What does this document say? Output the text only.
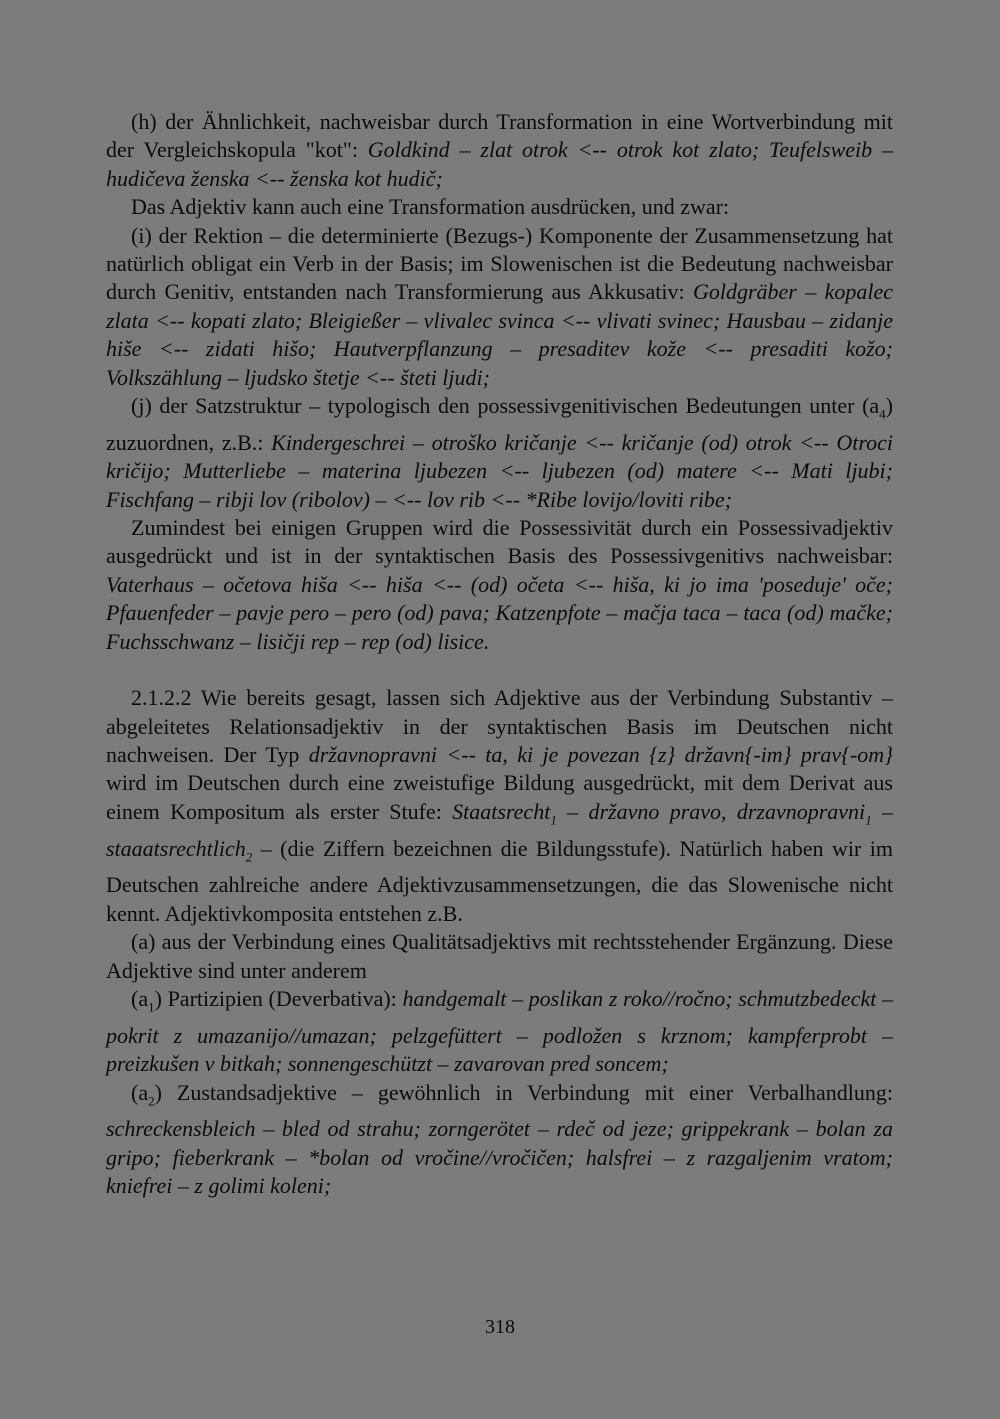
(h) der Ähnlichkeit, nachweisbar durch Transformation in eine Wortverbindung mit der Vergleichskopula "kot": Goldkind – zlat otrok <-- otrok kot zlato; Teufelsweib – hudičeva ženska <-- ženska kot hudič;

Das Adjektiv kann auch eine Transformation ausdrücken, und zwar:

(i) der Rektion – die determinierte (Bezugs-) Komponente der Zusammensetzung hat natürlich obligat ein Verb in der Basis; im Slowenischen ist die Bedeutung nachweisbar durch Genitiv, entstanden nach Transformierung aus Akkusativ: Goldgräber – kopalec zlata <-- kopati zlato; Bleigießer – vlivalec svinca <-- vlivati svinec; Hausbau – zidanje hiše <-- zidati hišo; Hautverpflanzung – presaditev kože <-- presaditi kožo; Volkszählung – ljudsko štetje <-- šteti ljudi;

(j) der Satzstruktur – typologisch den possessivgenitivischen Bedeutungen unter $(a_4)$ zuzuordnen, z.B.: Kindergeschrei – otroško kričanje <-- kričanje (od) otrok <-- Otroci kričijo; Mutterliebe – materina ljubezen <-- ljubezen (od) matere <-- Mati ljubi; Fischfang – ribji lov (ribolov) – <-- lov rib <-- *Ribe lovijo/loviti ribe;

Zumindest bei einigen Gruppen wird die Possessivität durch ein Possessivadjektiv ausgedrückt und ist in der syntaktischen Basis des Possessivgenitivs nachweisbar: Vaterhaus – očetova hiša <-- hiša <-- (od) očeta <-- hiša, ki jo ima 'poseduje' oče; Pfauenfeder – pavje pero – pero (od) pava; Katzenpfote – mačja taca – taca (od) mačke; Fuchsschwanz – lisičji rep – rep (od) lisice.

2.1.2.2 Wie bereits gesagt, lassen sich Adjektive aus der Verbindung Substantiv – abgeleitetes Relationsadjektiv in der syntaktischen Basis im Deutschen nicht nachweisen. Der Typ državnopravni <-- ta, ki je povezan {z} državn{-im} prav{-om} wird im Deutschen durch eine zweistufige Bildung ausgedrückt, mit dem Derivat aus einem Kompositum als erster Stufe: Staatsrecht$_1$ – državno pravo, drzavnopravni$_1$ – staaatsrechtlich$_2$ – (die Ziffern bezeichnen die Bildungsstufe). Natürlich haben wir im Deutschen zahlreiche andere Adjektivzusammensetzungen, die das Slowenische nicht kennt. Adjektivkomposita entstehen z.B.

(a) aus der Verbindung eines Qualitätsadjektivs mit rechtsstehender Ergänzung. Diese Adjektive sind unter anderem

$(a_1)$ Partizipien (Deverbativa): handgemalt – poslikan z roko//ročno; schmutzbedeckt – pokrit z umazanijo//umazan; pelzgefüttert – podložen s krznom; kampferprobt – preizkušen v bitkah; sonnengeschützt – zavarovan pred soncem;

$(a_2)$ Zustandsadjektive – gewöhnlich in Verbindung mit einer Verbalhandlung: schreckensbleich – bled od strahu; zorngerötet – rdeč od jeze; grippekrank – bolan za gripo; fieberkrank – *bolan od vročine//vročičen; halsfrei – z razgaljenim vratom; kniefrei – z golimi koleni;

318
